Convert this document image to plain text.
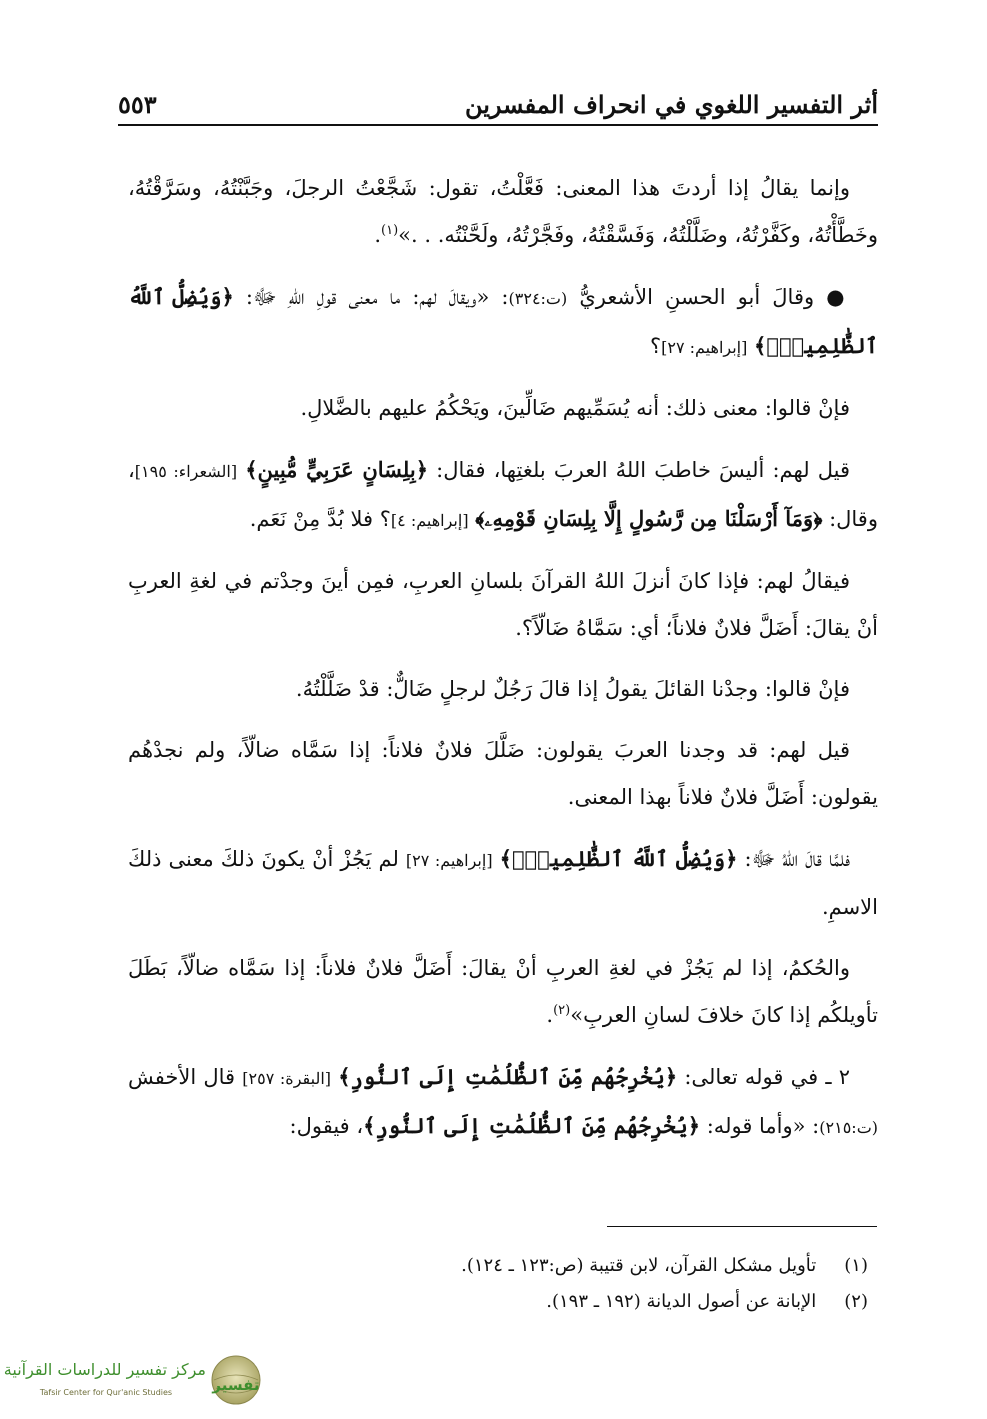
أثر التفسير اللغوي في انحراف المفسرين
٥٥٣

وإنما يقالُ إذا أردتَ هذا المعنى: فَعَّلْتُ، تقول: شَجَّعْتُ الرجلَ، وجَبَّنْتُهُ، وسَرَّقْتُهُ، وخَطَّأْتُهُ، وكَفَّرْتُهُ، وضَلَّلْتُهُ، وَفَسَّقْتُهُ، وفَجَّرْتُهُ، ولَحَّنْتُه. . .»$^{(١)}$.

● وقالَ أبو الحسنِ الأشعريُّ (ت:٣٢٤): «ويقالَ لهم: ما معنى قولِ اللهِ ﷻ: ﴿وَيُضِلُّ ٱللَّهُ ٱلظَّٰلِمِينَۚ﴾ [إبراهيم: ٢٧]؟

فإنْ قالوا: معنى ذلك: أنه يُسَمِّيهم ضَالِّينَ، ويَحْكُمُ عليهم بالضَّلالِ.

قيل لهم: أليسَ خاطبَ اللهُ العربَ بلغتِها، فقال: ﴿بِلِسَانٍ عَرَبِيٍّ مُّبِينٍ﴾ [الشعراء: ١٩٥]، وقال: ﴿وَمَآ أَرْسَلْنَا مِن رَّسُولٍ إِلَّا بِلِسَانِ قَوْمِهِۦ﴾ [إبراهيم: ٤]؟ فلا بُدَّ مِنْ نَعَم.

فيقالُ لهم: فإذا كانَ أنزلَ اللهُ القرآنَ بلسانِ العربِ، فمِن أينَ وجدْتم في لغةِ العربِ أنْ يقالَ: أَضَلَّ فلانٌ فلاناً؛ أي: سَمَّاهُ ضَالّاً؟.

فإنْ قالوا: وجدْنا القائلَ يقولُ إذا قالَ رَجُلٌ لرجلٍ ضَالٌّ: قدْ ضَلَّلْتُهُ.

قيل لهم: قد وجدنا العربَ يقولون: ضَلَّلَ فلانٌ فلاناً: إذا سَمَّاه ضالّاً، ولم نجدْهُم يقولون: أَضَلَّ فلانٌ فلاناً بهذا المعنى.

فلمَّا قالَ اللهُ ﷻ: ﴿وَيُضِلُّ ٱللَّهُ ٱلظَّٰلِمِينَۚ﴾ [إبراهيم: ٢٧] لم يَجُزْ أنْ يكونَ ذلكَ معنى ذلكَ الاسمِ.

والحُكمُ، إذا لم يَجُزْ في لغةِ العربِ أنْ يقالَ: أَضَلَّ فلانٌ فلاناً: إذا سَمَّاه ضالّاً، بَطَلَ تأويلكُم إذا كانَ خلافَ لسانِ العربِ»$^{(٢)}$.

٢ ـ في قوله تعالى: ﴿يُخْرِجُهُم مِّنَ ٱلظُّلُمَٰتِ إِلَى ٱلنُّورِ﴾ [البقرة: ٢٥٧] قال الأخفش (ت:٢١٥): «وأما قوله: ﴿يُخْرِجُهُم مِّنَ ٱلظُّلُمَٰتِ إِلَى ٱلنُّورِ﴾، فيقول:

(١) تأويل مشكل القرآن، لابن قتيبة (ص:١٢٣ ـ ١٢٤).
(٢) الإبانة عن أصول الديانة (١٩٢ ـ ١٩٣).
تفسير
مركز تفسير للدراسات القرآنية
Tafsir Center for Qur'anic Studies
